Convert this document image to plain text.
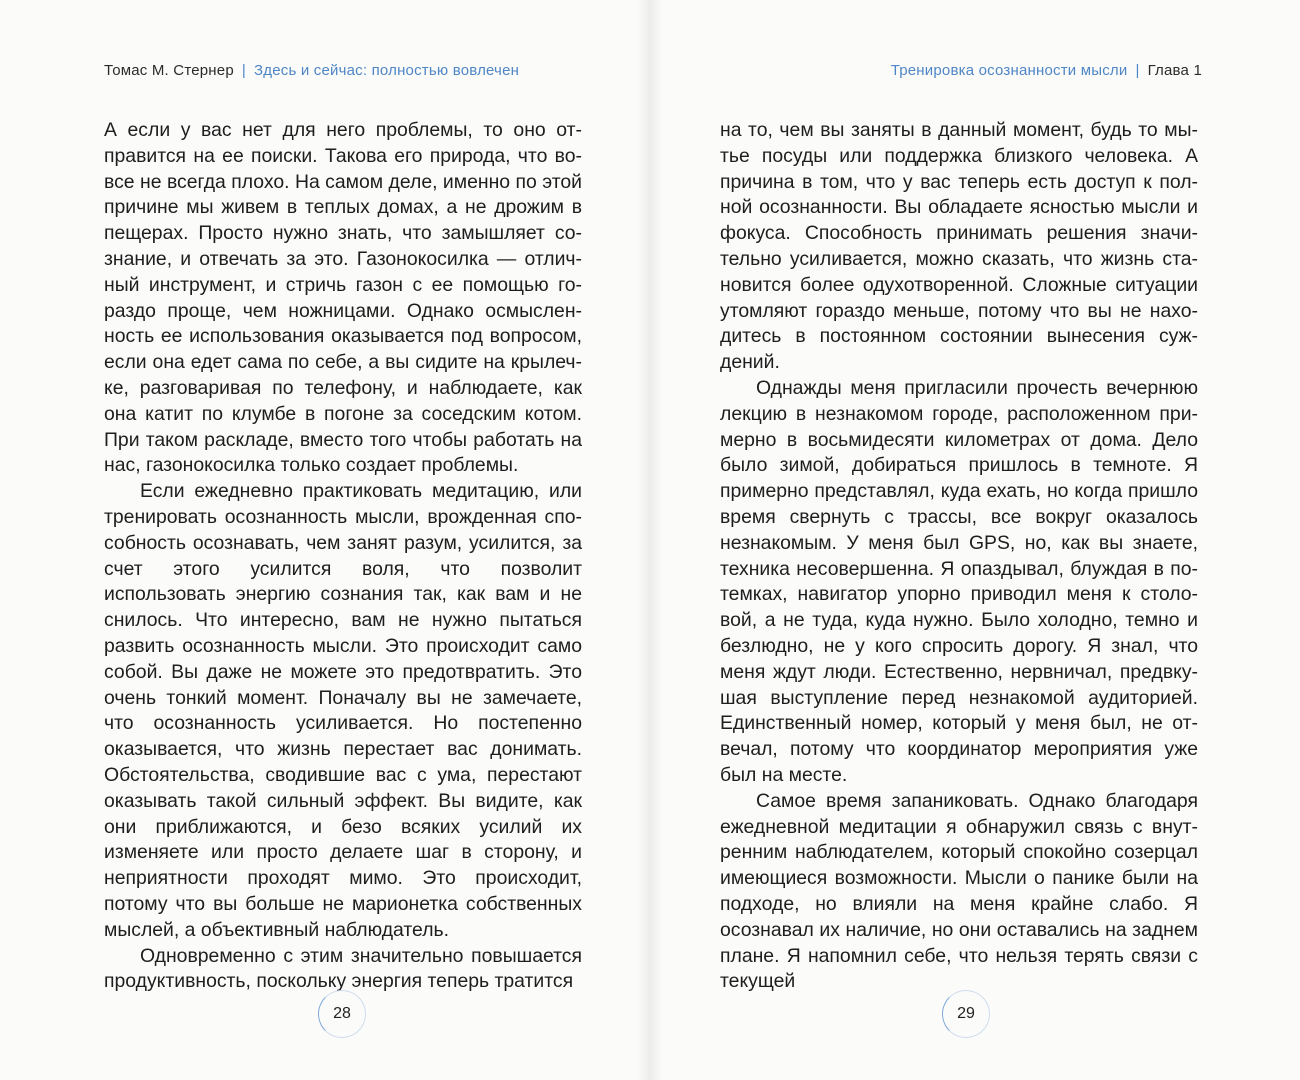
Томас М. Стернер | Здесь и сейчас: полностью вовлечен

А если у вас нет для него проблемы, то оно отправится на ее поиски. Такова его природа, что вовсе не всегда плохо. На самом деле, именно по этой причине мы живем в теплых домах, а не дрожим в пещерах. Просто нужно знать, что замышляет сознание, и отвечать за это. Газонокосилка — отличный инструмент, и стричь газон с ее помощью гораздо проще, чем ножницами. Однако осмысленность ее использования оказывается под вопросом, если она едет сама по себе, а вы сидите на крылечке, разговаривая по телефону, и наблюдаете, как она катит по клумбе в погоне за соседским котом. При таком раскладе, вместо того чтобы работать на нас, газонокосилка только создает проблемы.

Если ежедневно практиковать медитацию, или тренировать осознанность мысли, врожденная способность осознавать, чем занят разум, усилится, за счет этого усилится воля, что позволит использовать энергию сознания так, как вам и не снилось. Что интересно, вам не нужно пытаться развить осознанность мысли. Это происходит само собой. Вы даже не можете это предотвратить. Это очень тонкий момент. Поначалу вы не замечаете, что осознанность усиливается. Но постепенно оказывается, что жизнь перестает вас донимать. Обстоятельства, сводившие вас с ума, перестают оказывать такой сильный эффект. Вы видите, как они приближаются, и безо всяких усилий их изменяете или просто делаете шаг в сторону, и неприятности проходят мимо. Это происходит, потому что вы больше не марионетка собственных мыслей, а объективный наблюдатель.

Одновременно с этим значительно повышается продуктивность, поскольку энергия теперь тратится

28
Тренировка осознанности мысли | Глава 1

на то, чем вы заняты в данный момент, будь то мытье посуды или поддержка близкого человека. А причина в том, что у вас теперь есть доступ к полной осознанности. Вы обладаете ясностью мысли и фокуса. Способность принимать решения значительно усиливается, можно сказать, что жизнь становится более одухотворенной. Сложные ситуации утомляют гораздо меньше, потому что вы не находитесь в постоянном состоянии вынесения суждений.

Однажды меня пригласили прочесть вечернюю лекцию в незнакомом городе, расположенном примерно в восьмидесяти километрах от дома. Дело было зимой, добираться пришлось в темноте. Я примерно представлял, куда ехать, но когда пришло время свернуть с трассы, все вокруг оказалось незнакомым. У меня был GPS, но, как вы знаете, техника несовершенна. Я опаздывал, блуждая в потемках, навигатор упорно приводил меня к столовой, а не туда, куда нужно. Было холодно, темно и безлюдно, не у кого спросить дорогу. Я знал, что меня ждут люди. Естественно, нервничал, предвкушая выступление перед незнакомой аудиторией. Единственный номер, который у меня был, не отвечал, потому что координатор мероприятия уже был на месте.

Самое время запаниковать. Однако благодаря ежедневной медитации я обнаружил связь с внутренним наблюдателем, который спокойно созерцал имеющиеся возможности. Мысли о панике были на подходе, но влияли на меня крайне слабо. Я осознавал их наличие, но они оставались на заднем плане. Я напомнил себе, что нельзя терять связи с текущей

29
